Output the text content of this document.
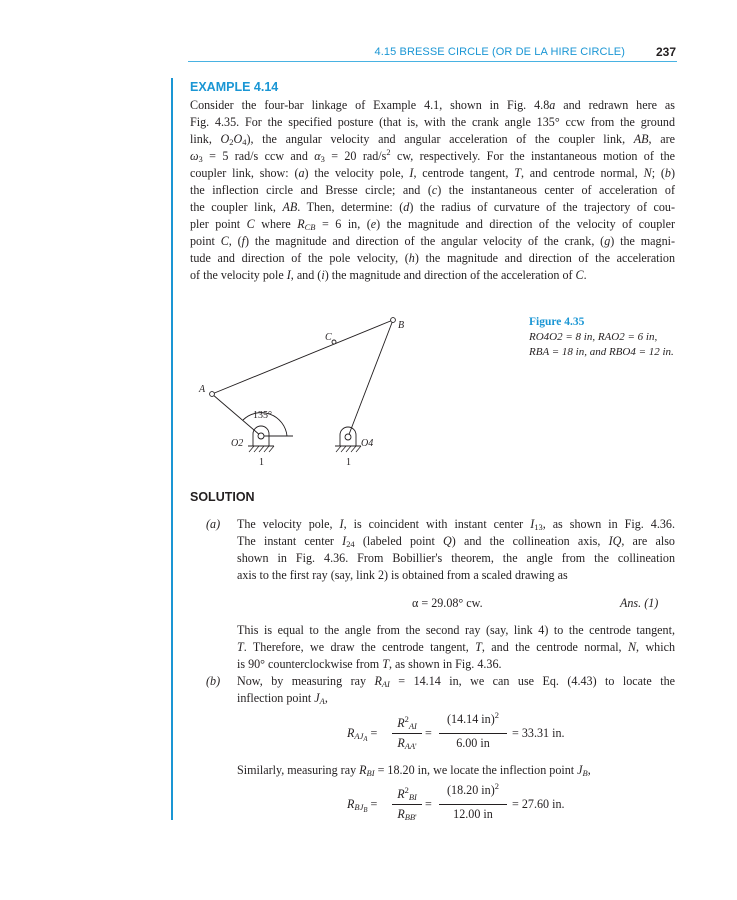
4.15 BRESSE CIRCLE (OR DE LA HIRE CIRCLE)	237
EXAMPLE 4.14
Consider the four-bar linkage of Example 4.1, shown in Fig. 4.8a and redrawn here as
Fig. 4.35. For the specified posture (that is, with the crank angle 135° ccw from the ground
link, $O_2O_4$), the angular velocity and angular acceleration of the coupler link, AB, are
$\omega_3 = 5$ rad/s ccw and $\alpha_3 = 20$ rad/$s^2$ cw, respectively. For the instantaneous motion of the
coupler link, show: (a) the velocity pole, I, centrode tangent, T, and centrode normal, N; (b)
the inflection circle and Bresse circle; and (c) the instantaneous center of acceleration of
the coupler link, AB. Then, determine: (d) the radius of curvature of the trajectory of cou-
pler point C where $R_{CB} = 6$ in, (e) the magnitude and direction of the velocity of coupler
point C, (f) the magnitude and direction of the angular velocity of the crank, (g) the magni-
tude and direction of the pole velocity, (h) the magnitude and direction of the acceleration
of the velocity pole I, and (i) the magnitude and direction of the acceleration of C.
A
B
C
O2	O4
135°
1	1
Figure 4.35
RO4O2 = 8 in, RAO2 = 6 in,
RBA = 18 in, and RBO4 = 12 in.
SOLUTION
(a) The velocity pole, I, is coincident with instant center $I_{13}$, as shown in Fig. 4.36.
The instant center $I_{24}$ (labeled point Q) and the collineation axis, IQ, are also
shown in Fig. 4.36. From Bobillier's theorem, the angle from the collineation
axis to the first ray (say, link 2) is obtained from a scaled drawing as
α = 29.08° cw.	Ans. (1)
This is equal to the angle from the second ray (say, link 4) to the centrode tangent,
T. Therefore, we draw the centrode tangent, T, and the centrode normal, N, which
is 90° counterclockwise from T, as shown in Fig. 4.36.
(b) Now, by measuring ray $R_{AI} = 14.14$ in, we can use Eq. (4.43) to locate the
inflection point $J_A$,
$R_{AJ_A}$ =
$R^2_{AI}$
$R_{AA'}$
=
(14.14 in)$^2$
6.00 in
= 33.31 in.
Similarly, measuring ray $R_{BI} = 18.20$ in, we locate the inflection point $J_B$,
$R_{BJ_B}$ =
$R^2_{BI}$
$R_{BB'}$
=
(18.20 in)$^2$
12.00 in
= 27.60 in.
